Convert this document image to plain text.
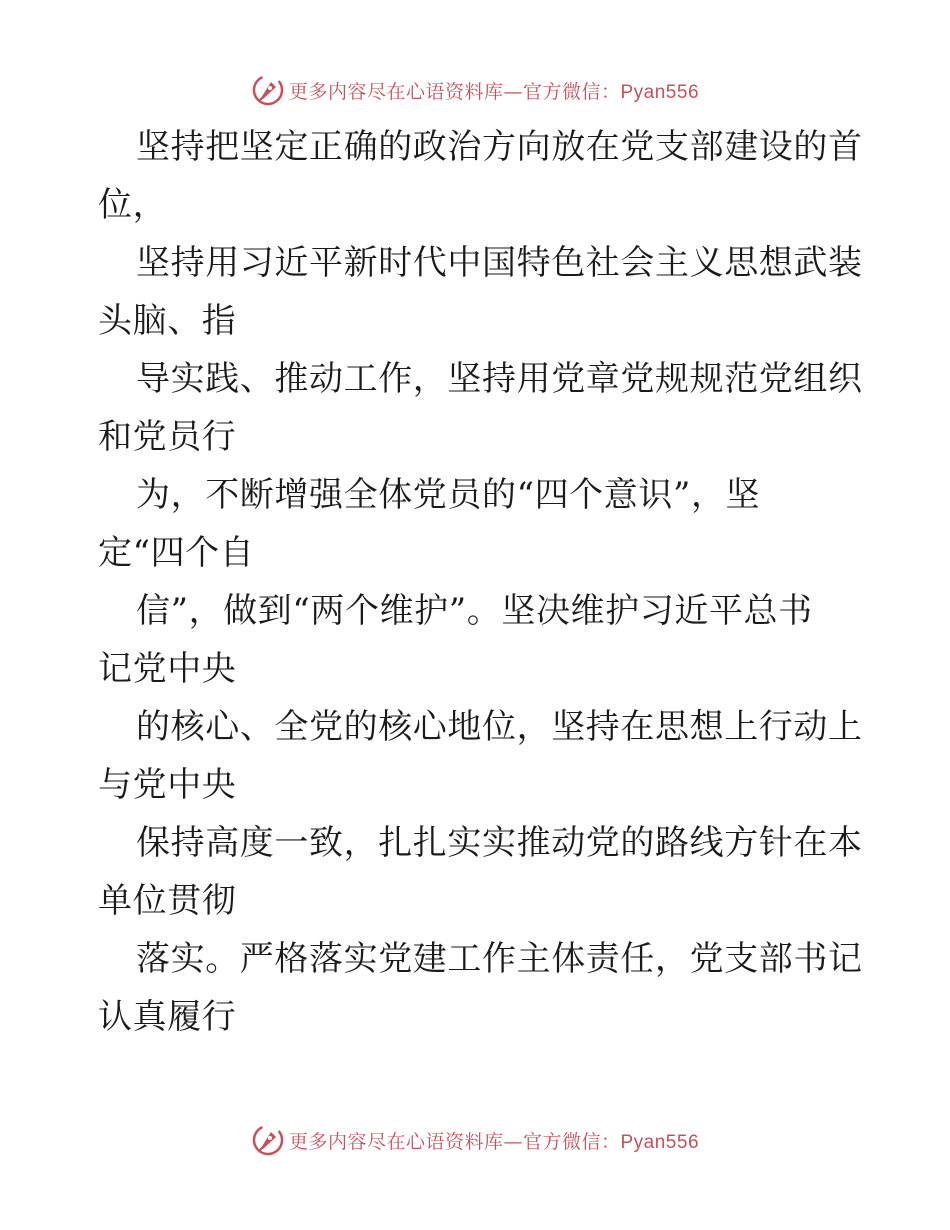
更多内容尽在心语资料库—官方微信：Pyan556
坚持把坚定正确的政治方向放在党支部建设的首
位，
坚持用习近平新时代中国特色社会主义思想武装
头脑、指
导实践、推动工作，坚持用党章党规规范党组织
和党员行
为，不断增强全体党员的“四个意识”，坚
定“四个自
信”，做到“两个维护”。坚决维护习近平总书
记党中央
的核心、全党的核心地位，坚持在思想上行动上
与党中央
保持高度一致，扎扎实实推动党的路线方针在本
单位贯彻
落实。严格落实党建工作主体责任，党支部书记
认真履行
更多内容尽在心语资料库—官方微信：Pyan556
